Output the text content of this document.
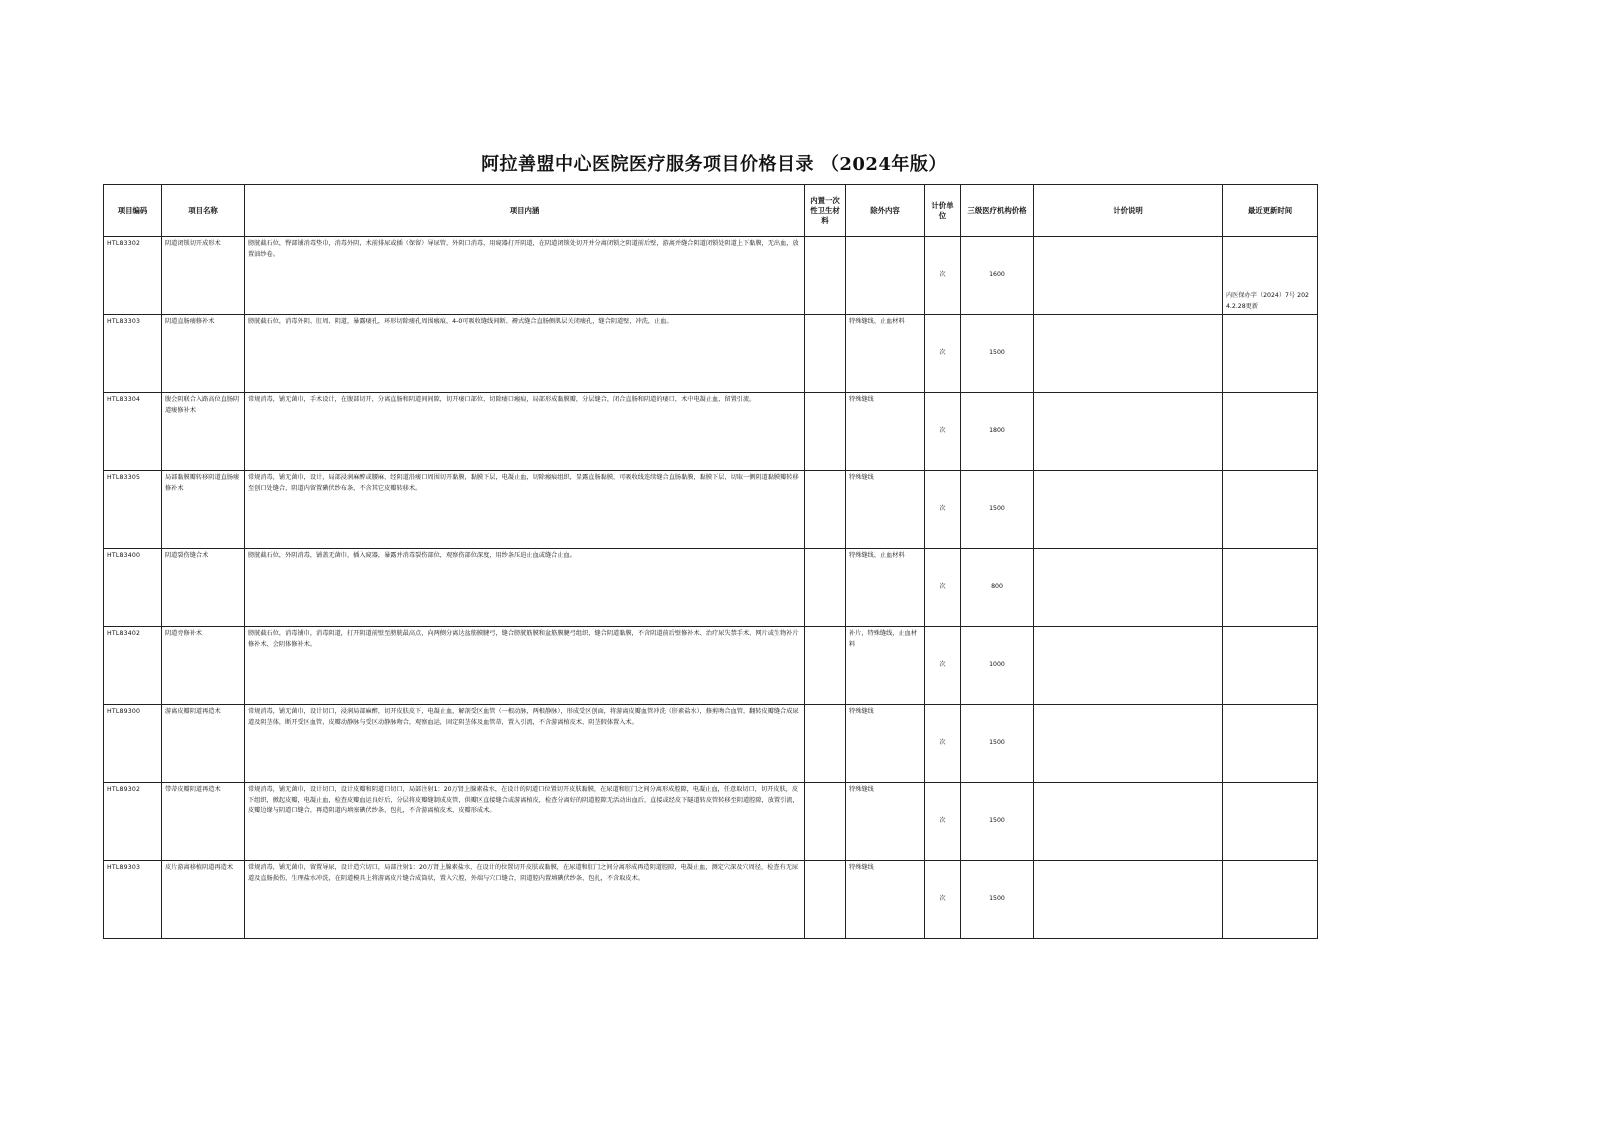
阿拉善盟中心医院医疗服务项目价格目录 （2024年版）
项目编码	项目名称	项目内涵	内置一次性卫生材料	除外内容	计价单位	三级医疗机构价格	计价说明	最近更新时间
HTL83302	阴道闭锁切开成形术	膀胱截石位，臀部铺消毒垫巾，消毒外阴，术前排尿或插（保留）导尿管，外阴口消毒，用窥器打开阴道，在阴道闭锁处切开并分离闭锁之阴道前后壁，游离并缝合阴道闭锁处阴道上下黏膜，无出血，放置油纱卷。			次	1600		内医保办字（2024）7号 2024.2.28更新
HTL83303	阴道直肠瘘修补术	膀胱截石位，消毒外阴、肛周、阴道，暴露瘘孔，环形切除瘘孔周围瘢痕，4-0可吸收缝线间断、褥式缝合直肠侧肌层关闭瘘孔，缝合阴道壁，冲洗，止血。		特殊缝线、止血材料	次	1500		
HTL83304	腹会阴联合入路高位直肠阴道瘘修补术	常规消毒，铺无菌巾，手术设计，在腹部切开，分离直肠和阴道间间隙，切开瘘口部位，切除瘘口瘢痕，局部形成黏膜瓣，分层缝合，闭合直肠和阴道的瘘口，术中电凝止血，留置引流。		特殊缝线	次	1800		
HTL83305	局部黏膜瓣转移阴道直肠瘘修补术	常规消毒，铺无菌巾，设计，局部浸润麻醉或腰麻，经阴道沿瘘口周围切开黏膜，黏膜下层，电凝止血，切除瘢痕组织，显露直肠黏膜，可吸收线连续缝合直肠黏膜，黏膜下层，切取一侧阴道黏膜瓣转移至创口处缝合，阴道内留置碘伏纱布条，不含其它皮瓣转移术。		特殊缝线	次	1500		
HTL83400	阴道裂伤缝合术	膀胱截石位，外阴消毒，铺盖无菌巾，插入窥器，暴露并消毒裂伤部位，观察伤部位深度，用纱条压迫止血或缝合止血。		特殊缝线、止血材料	次	800		
HTL83402	阴道旁修补术	膀胱截石位，消毒铺巾，消毒阴道，打开阴道前壁至膀胱最高点，向两侧分离达盆筋膜腱弓，缝合膀胱筋膜和盆筋膜腱弓组织，缝合阴道黏膜，不含阴道前后壁修补术、治疗尿失禁手术、网片或生物补片修补术、会阴体修补术。		补片，特殊缝线，止血材料	次	1000		
HTL89300	游离皮瓣阴道再造术	常规消毒，铺无菌巾，设计切口，浸润局部麻醉，切开皮肤皮下，电凝止血，解剖受区血管（一根动脉，两根静脉），形成受区创面，将游离皮瓣血管冲洗（肝素盐水），修剪吻合血管，翻转皮瓣缝合成尿道及阴茎体，断开受区血管，皮瓣动静脉与受区动静脉吻合，观察血运，固定阴茎体及血管蒂，置入引流，不含游离植皮术、阴茎假体置入术。		特殊缝线	次	1500		
HTL89302	带蒂皮瓣阴道再造术	常规消毒，铺无菌巾，设计切口，设计皮瓣和阴道口切口，局部注射1：20万肾上腺素盐水，在设计的阴道口位置切开皮肤黏膜，在尿道和肛门之间分离形成腔隙，电凝止血，任意取切口，切开皮肤，皮下组织，掀起皮瓣，电凝止血，检查皮瓣血运良好后，分层将皮瓣缝制成皮管，供瓣区直接缝合或游离植皮，检查分离好的阴道腔隙无活动出血后，直接或经皮下隧道转皮管转移至阴道腔隙，放置引流，皮瓣边缘与阴道口缝合，再造阴道内填塞碘伏纱条，包扎，不含游离植皮术、皮瓣形成术。		特殊缝线	次	1500		
HTL89303	皮片游离移植阴道再造术	常规消毒，铺无菌巾，留置导尿，设计造穴切口，局部注射1：20万肾上腺素盐水，在设计的位置切开皮肤或黏膜，在尿道和肛门之间分离形成再造阴道腔隙，电凝止血，测定穴深及穴周径，检查有无尿道及直肠损伤，生理盐水冲洗，在阴道模具上将游离皮片缝合成筒状，置入穴腔，外端与穴口缝合，阴道腔内置填碘伏纱条，包扎，不含取皮术。		特殊缝线	次	1500		
